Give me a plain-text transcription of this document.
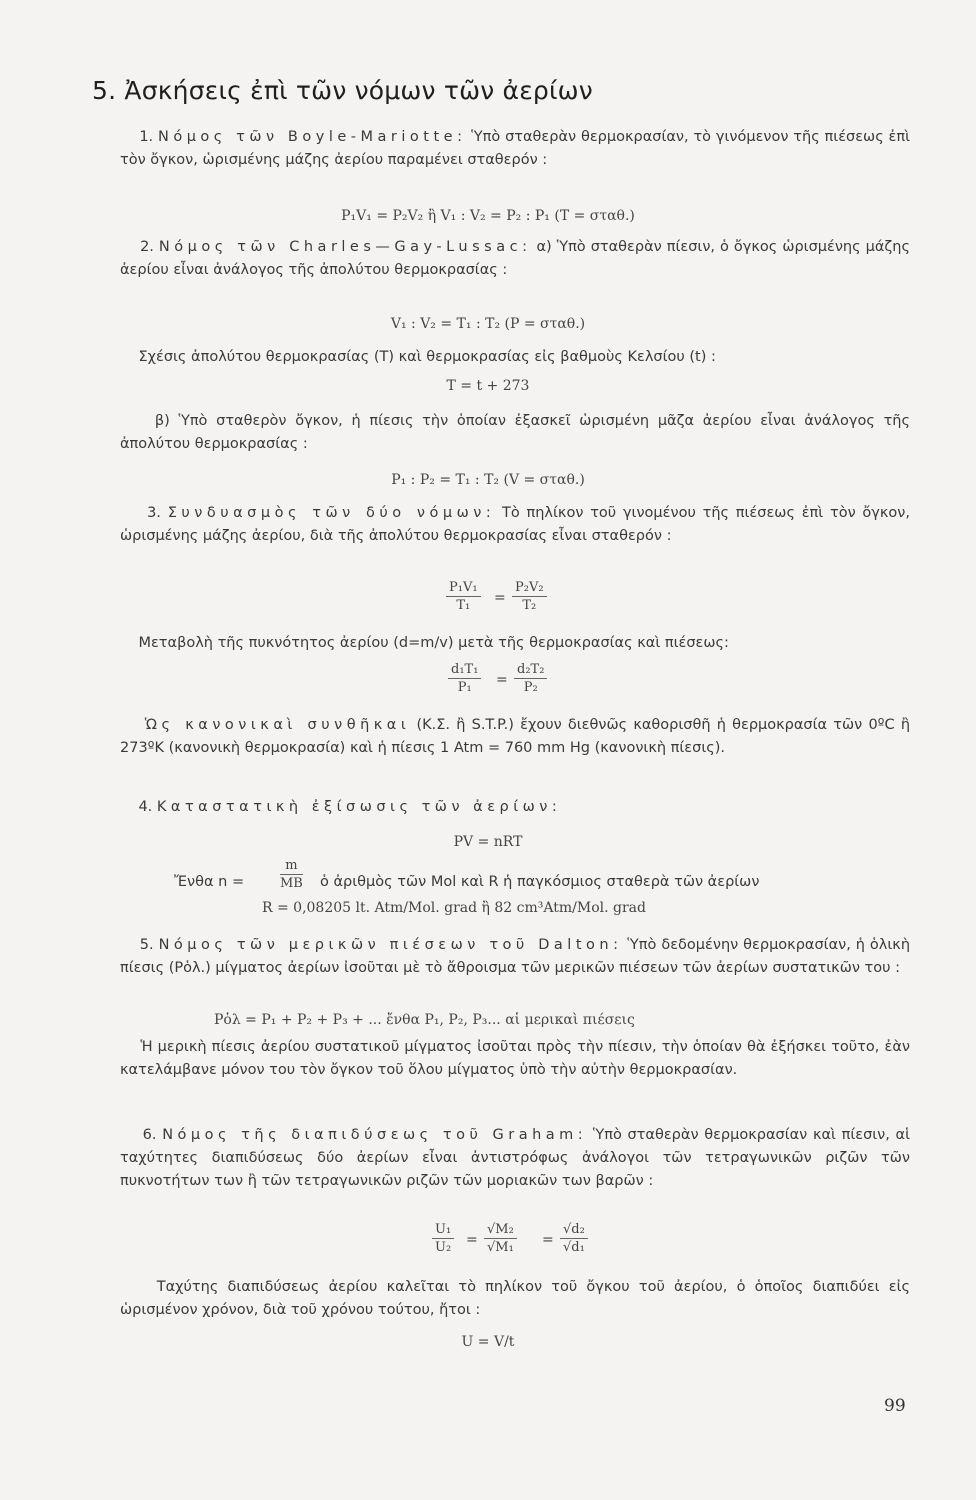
5. Ἀσκήσεις ἐπὶ τῶν νόμων τῶν ἀερίων
1. Νόμος τῶν Boyle-Mariotte: Ὑπὸ σταθερὰν θερμοκρασίαν, τὸ γινόμενον τῆς πιέσεως ἐπὶ τὸν ὄγκον, ὡρισμένης μάζης ἀερίου παραμένει σταθερόν :
P₁V₁ = P₂V₂ ἢ V₁ : V₂ = P₂ : P₁ (T = σταθ.)
2. Νόμος τῶν Charles—Gay-Lussac: α) Ὑπὸ σταθερὰν πίεσιν, ὁ ὄγκος ὡρισμένης μάζης ἀερίου εἶναι ἀνάλογος τῆς ἀπολύτου θερμοκρασίας :
V₁ : V₂ = T₁ : T₂ (P = σταθ.)
Σχέσις ἀπολύτου θερμοκρασίας (T) καὶ θερμοκρασίας εἰς βαθμοὺς Κελσίου (t) :
T = t + 273
β) Ὑπὸ σταθερὸν ὄγκον, ἡ πίεσις τὴν ὁποίαν ἐξασκεῖ ὡρισμένη μᾶζα ἀερίου εἶναι ἀνάλογος τῆς ἀπολύτου θερμοκρασίας :
P₁ : P₂ = T₁ : T₂ (V = σταθ.)
3. Συνδυασμὸς τῶν δύο νόμων: Τὸ πηλίκον τοῦ γινομένου τῆς πιέσεως ἐπὶ τὸν ὄγκον, ὡρισμένης μάζης ἀερίου, διὰ τῆς ἀπολύτου θερμοκρασίας εἶναι σταθερόν :
$\frac{\text{P₁V₁}}{\text{T₁}} = \frac{\text{P₂V₂}}{\text{T₂}}$
Μεταβολὴ τῆς πυκνότητος ἀερίου (d=m/v) μετὰ τῆς θερμοκρασίας καὶ πιέσεως:
$\frac{\text{d₁T₁}}{\text{P₁}} = \frac{\text{d₂T₂}}{\text{P₂}}$
Ὡς κανονικαὶ συνθῆκαι (Κ.Σ. ἢ S.T.P.) ἔχουν διεθνῶς καθορισθῆ ἡ θερμοκρασία τῶν 0ºC ἢ 273ºK (κανονικὴ θερμοκρασία) καὶ ἡ πίεσις 1 Atm = 760 mm Hg (κανονικὴ πίεσις).
4. Καταστατικὴ ἐξίσωσις τῶν ἀερίων:
PV = nRT
Ἔνθα n =	$\frac{m}{MB}$ ὁ ἀριθμὸς τῶν Mol καὶ R ἡ παγκόσμιος σταθερὰ τῶν ἀερίων
R = 0,08205 lt. Atm/Mol. grad ἢ 82 cm³Atm/Mol. grad
5. Νόμος τῶν μερικῶν πιέσεων τοῦ Dalton: Ὑπὸ δεδομένην θερμοκρασίαν, ἡ ὁλικὴ πίεσις (Pὁλ.) μίγματος ἀερίων ἰσοῦται μὲ τὸ ἄθροισμα τῶν μερικῶν πιέσεων τῶν ἀερίων συστατικῶν του :
Pὁλ = P₁ + P₂ + P₃ + ... ἔνθα P₁, P₂, P₃... αἱ μερικαὶ πιέσεις
Ἡ μερικὴ πίεσις ἀερίου συστατικοῦ μίγματος ἰσοῦται πρὸς τὴν πίεσιν, τὴν ὁποίαν θὰ ἐξήσκει τοῦτο, ἐὰν κατελάμβανε μόνον του τὸν ὄγκον τοῦ ὅλου μίγματος ὑπὸ τὴν αὐτὴν θερμοκρασίαν.
6. Νόμος τῆς διαπιδύσεως τοῦ Graham: Ὑπὸ σταθερὰν θερμοκρασίαν καὶ πίεσιν, αἱ ταχύτητες διαπιδύσεως δύο ἀερίων εἶναι ἀντιστρόφως ἀνάλογοι τῶν τετραγωνικῶν ριζῶν τῶν πυκνοτήτων των ἢ τῶν τετραγωνικῶν ριζῶν τῶν μοριακῶν των βαρῶν :
$\frac{\text{U₁}}{\text{U₂}} = \frac{\text{√M₂}}{\text{√M₁}} = \frac{\text{√d₂}}{\text{√d₁}}$
Ταχύτης διαπιδύσεως ἀερίου καλεῖται τὸ πηλίκον τοῦ ὄγκου τοῦ ἀερίου, ὁ ὁποῖος διαπιδύει εἰς ὡρισμένον χρόνον, διὰ τοῦ χρόνου τούτου, ἤτοι :
U = V/t
99
